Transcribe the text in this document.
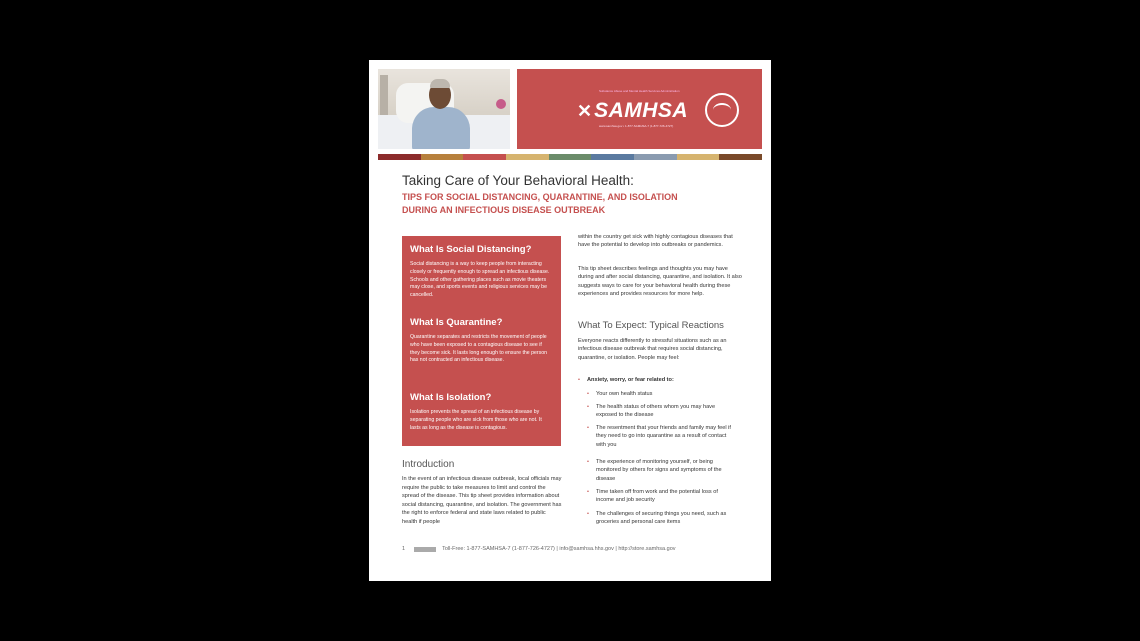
✕ SAMHSA
Substance Abuse and Mental Health Services Administration
www.samhsa.gov • 1-877-SAMHSA-7 (1-877-726-4727)
Taking Care of Your Behavioral Health:
TIPS FOR SOCIAL DISTANCING, QUARANTINE, AND ISOLATION
DURING AN INFECTIOUS DISEASE OUTBREAK
What Is Social Distancing?

Social distancing is a way to keep people from interacting closely or frequently enough to spread an infectious disease. Schools and other gathering places such as movie theaters may close, and sports events and religious services may be cancelled.

What Is Quarantine?

Quarantine separates and restricts the movement of people who have been exposed to a contagious disease to see if they become sick. It lasts long enough to ensure the person has not contracted an infectious disease.

What Is Isolation?

Isolation prevents the spread of an infectious disease by separating people who are sick from those who are not. It lasts as long as the disease is contagious.

Introduction

In the event of an infectious disease outbreak, local officials may require the public to take measures to limit and control the spread of the disease. This tip sheet provides information about social distancing, quarantine, and isolation. The government has the right to enforce federal and state laws related to public health if people

within the country get sick with highly contagious diseases that have the potential to develop into outbreaks or pandemics.

This tip sheet describes feelings and thoughts you may have during and after social distancing, quarantine, and isolation. It also suggests ways to care for your behavioral health during these experiences and provides resources for more help.

What To Expect: Typical Reactions

Everyone reacts differently to stressful situations such as an infectious disease outbreak that requires social distancing, quarantine, or isolation. People may feel:

• Anxiety, worry, or fear related to:
• Your own health status
• The health status of others whom you may have exposed to the disease
• The resentment that your friends and family may feel if they need to go into quarantine as a result of contact with you
• The experience of monitoring yourself, or being monitored by others for signs and symptoms of the disease
• Time taken off from work and the potential loss of income and job security
• The challenges of securing things you need, such as groceries and personal care items
1	Toll-Free: 1-877-SAMHSA-7 (1-877-726-4727) | info@samhsa.hhs.gov | http://store.samhsa.gov
